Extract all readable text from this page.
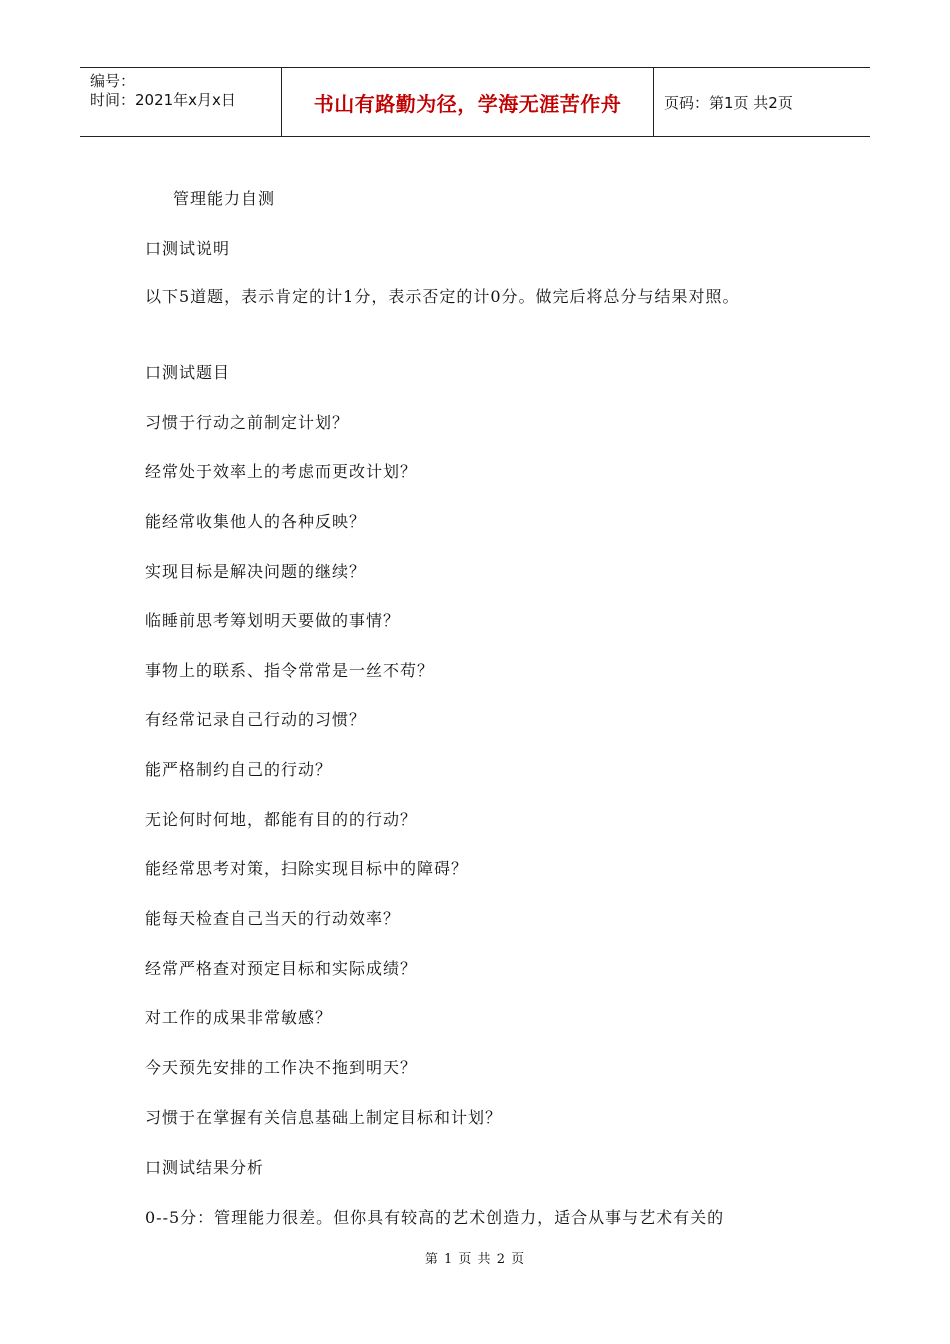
编号：
时间：2021年x月x日	书山有路勤为径，学海无涯苦作舟	页码：第1页 共2页
管理能力自测
口测试说明
以下5道题，表示肯定的计1分，表示否定的计0分。做完后将总分与结果对照。
口测试题目
习惯于行动之前制定计划？
经常处于效率上的考虑而更改计划？
能经常收集他人的各种反映？
实现目标是解决问题的继续？
临睡前思考筹划明天要做的事情？
事物上的联系、指令常常是一丝不苟？
有经常记录自己行动的习惯？
能严格制约自己的行动？
无论何时何地，都能有目的的行动？
能经常思考对策，扫除实现目标中的障碍？
能每天检查自己当天的行动效率？
经常严格查对预定目标和实际成绩？
对工作的成果非常敏感？
今天预先安排的工作决不拖到明天？
习惯于在掌握有关信息基础上制定目标和计划？
口测试结果分析
0--5分：管理能力很差。但你具有较高的艺术创造力，适合从事与艺术有关的
第 1 页 共 2 页
